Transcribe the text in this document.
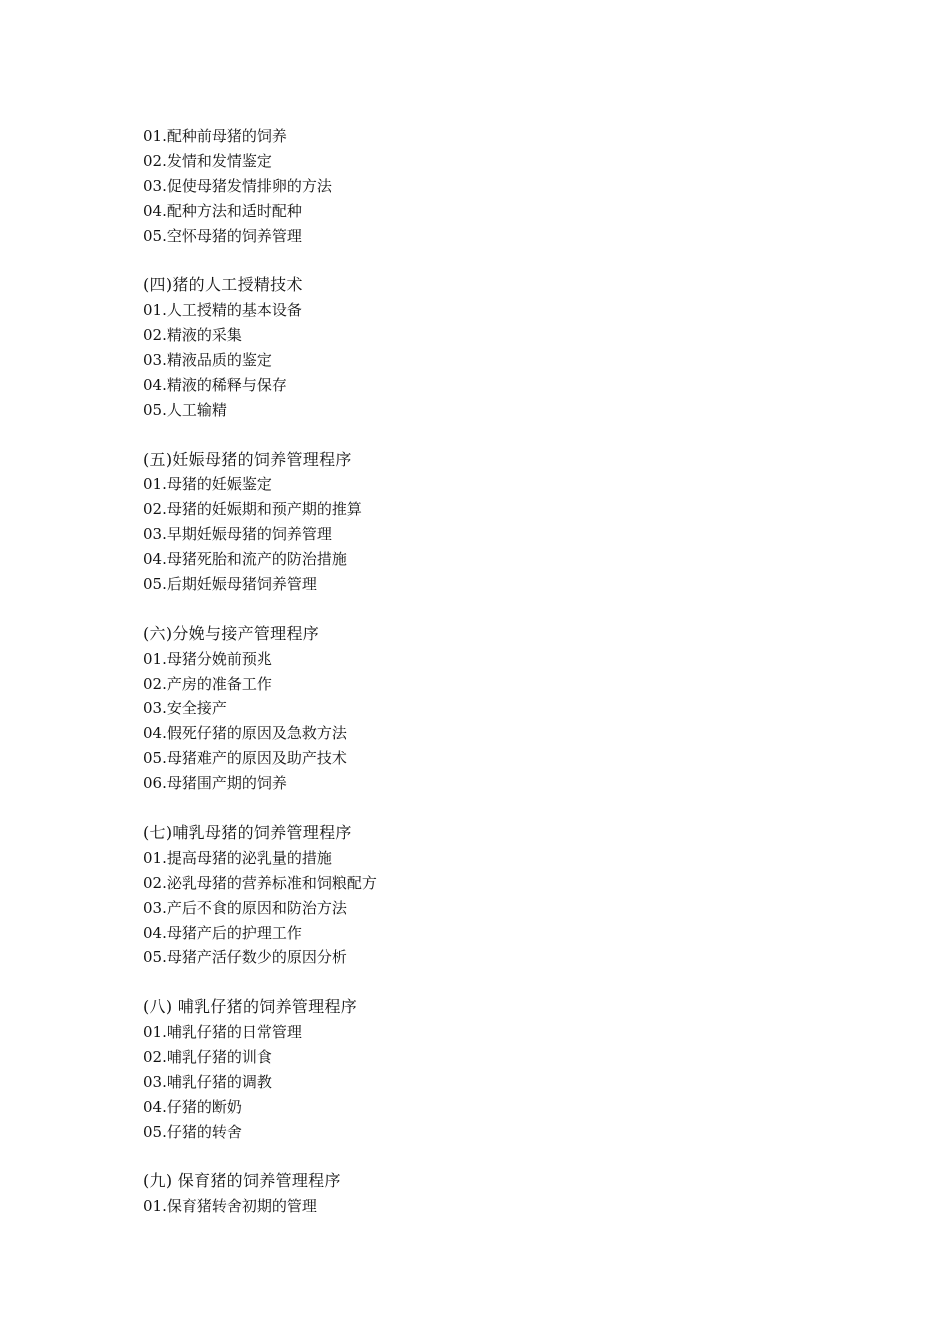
01.配种前母猪的饲养
02.发情和发情鉴定
03.促使母猪发情排卵的方法
04.配种方法和适时配种
05.空怀母猪的饲养管理
(四)猪的人工授精技术
01.人工授精的基本设备
02.精液的采集
03.精液品质的鉴定
04.精液的稀释与保存
05.人工输精
(五)妊娠母猪的饲养管理程序
01.母猪的妊娠鉴定
02.母猪的妊娠期和预产期的推算
03.早期妊娠母猪的饲养管理
04.母猪死胎和流产的防治措施
05.后期妊娠母猪饲养管理
(六)分娩与接产管理程序
01.母猪分娩前预兆
02.产房的准备工作
03.安全接产
04.假死仔猪的原因及急救方法
05.母猪难产的原因及助产技术
06.母猪围产期的饲养
(七)哺乳母猪的饲养管理程序
01.提高母猪的泌乳量的措施
02.泌乳母猪的营养标准和饲粮配方
03.产后不食的原因和防治方法
04.母猪产后的护理工作
05.母猪产活仔数少的原因分析
(八) 哺乳仔猪的饲养管理程序
01.哺乳仔猪的日常管理
02.哺乳仔猪的训食
03.哺乳仔猪的调教
04.仔猪的断奶
05.仔猪的转舍
(九) 保育猪的饲养管理程序
01.保育猪转舍初期的管理
